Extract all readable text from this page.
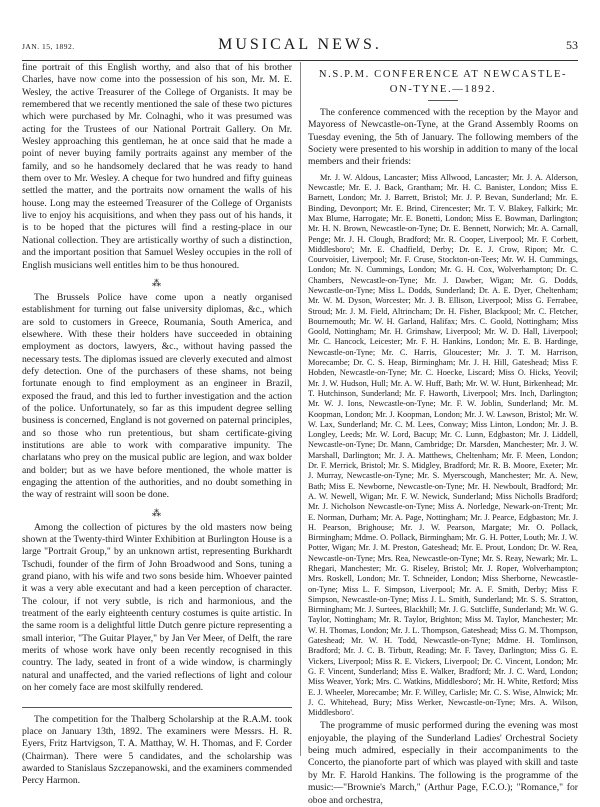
JAN. 15, 1892.	MUSICAL NEWS.	53

fine portrait of this English worthy, and also that of his brother Charles, have now come into the possession of his son, Mr. M. E. Wesley, the active Treasurer of the College of Organists. It may be remembered that we recently mentioned the sale of these two pictures which were purchased by Mr. Colnaghi, who it was presumed was acting for the Trustees of our National Portrait Gallery. On Mr. Wesley approaching this gentleman, he at once said that he made a point of never buying family portraits against any member of the family, and so he handsomely declared that he was ready to hand them over to Mr. Wesley. A cheque for two hundred and fifty guineas settled the matter, and the portraits now ornament the walls of his house. Long may the esteemed Treasurer of the College of Organists live to enjoy his acquisitions, and when they pass out of his hands, it is to be hoped that the pictures will find a resting-place in our National collection. They are artistically worthy of such a distinction, and the important position that Samuel Wesley occupies in the roll of English musicians well entitles him to be thus honoured.

⁂

The Brussels Police have come upon a neatly organised establishment for turning out false university diplomas, &c., which are sold to customers in Greece, Roumania, South America, and elsewhere. With these their holders have succeeded in obtaining employment as doctors, lawyers, &c., without having passed the necessary tests. The diplomas issued are cleverly executed and almost defy detection. One of the purchasers of these shams, not being fortunate enough to find employment as an engineer in Brazil, exposed the fraud, and this led to further investigation and the action of the police. Unfortunately, so far as this impudent degree selling business is concerned, England is not governed on paternal principles, and so those who run pretentious, but sham certificate-giving institutions are able to work with comparative impunity. The charlatans who prey on the musical public are legion, and wax bolder and bolder; but as we have before mentioned, the whole matter is engaging the attention of the authorities, and no doubt something in the way of restraint will soon be done.

⁂

Among the collection of pictures by the old masters now being shown at the Twenty-third Winter Exhibition at Burlington House is a large "Portrait Group," by an unknown artist, representing Burkhardt Tschudi, founder of the firm of John Broadwood and Sons, tuning a grand piano, with his wife and two sons beside him. Whoever painted it was a very able executant and had a keen perception of character. The colour, if not very subtle, is rich and harmonious, and the treatment of the early eighteenth century costumes is quite artistic. In the same room is a delightful little Dutch genre picture representing a small interior, "The Guitar Player," by Jan Ver Meer, of Delft, the rare merits of whose work have only been recently recognised in this country. The lady, seated in front of a wide window, is charmingly natural and unaffected, and the varied reflections of light and colour on her comely face are most skilfully rendered.

The competition for the Thalberg Scholarship at the R.A.M. took place on January 13th, 1892. The examiners were Messrs. H. R. Eyers, Fritz Hartvigson, T. A. Matthay, W. H. Thomas, and F. Corder (Chairman). There were 5 candidates, and the scholarship was awarded to Stanislaus Szczepanowski, and the examiners commended Percy Harmon.

N.S.P.M. CONFERENCE AT NEWCASTLE-
ON-TYNE.—1892.

The conference commenced with the reception by the Mayor and Mayoress of Newcastle-on-Tyne, at the Grand Assembly Rooms on Tuesday evening, the 5th of January. The following members of the Society were presented to his worship in addition to many of the local members and their friends:

Mr. J. W. Aldous, Lancaster; Miss Allwood, Lancaster; Mr. J. A. Alderson, Newcastle; Mr. E. J. Back, Grantham; Mr. H. C. Banister, London; Miss E. Barnett, London; Mr. J. Barrett, Bristol; Mr. J. P. Bevan, Sunderland; Mr. E. Binding, Devonport; Mr. E. Brind, Cirencester; Mr. T. V. Blakey, Falkirk; Mr. Max Blume, Harrogate; Mr. E. Bonetti, London; Miss E. Bowman, Darlington; Mr. H. N. Brown, Newcastle-on-Tyne; Dr. E. Bennett, Norwich; Mr. A. Carnall, Penge; Mr. J. H. Clough, Bradford; Mr. R. Cooper, Liverpool; Mr. F. Corbett, Middlesboro'; Mr. E. Chadfield, Derby; Dr. E. J. Crow, Ripon; Mr. C. Courvoisier, Liverpool; Mr. F. Cruse, Stockton-on-Tees; Mr. W. H. Cummings, London; Mr. N. Cummings, London; Mr. G. H. Cox, Wolverhampton; Dr. C. Chambers, Newcastle-on-Tyne; Mr. J. Dawber, Wigan; Mr. G. Dodds, Newcastle-on-Tyne; Miss L. Dodds, Sunderland; Dr. A. E. Dyer, Cheltenham; Mr. W. M. Dyson, Worcester; Mr. J. B. Ellison, Liverpool; Miss G. Ferrabee, Stroud; Mr. J. M. Field, Altrincham; Dr. H. Fisher, Blackpool; Mr. C. Fletcher, Bournemouth; Mr. W. H. Garland, Halifax; Mrs. C. Goold, Nottingham; Miss Goold, Nottingham; Mr. H. Grimshaw, Liverpool; Mr. W. D. Hall, Liverpool; Mr. C. Hancock, Leicester; Mr. F. H. Hankins, London; Mr. E. B. Hardinge, Newcastle-on-Tyne; Mr. C. Harris, Gloucester; Mr. J. T. M. Harrison, Morecambe; Dr. C. S. Heap, Birmingham; Mr. J. H. Hill, Gateshead; Miss F. Hobden, Newcastle-on-Tyne; Mr. C. Hoecke, Liscard; Miss O. Hicks, Yeovil; Mr. J. W. Hudson, Hull; Mr. A. W. Huff, Bath; Mr. W. W. Hunt, Birkenhead; Mr. T. Hutchinson, Sunderland; Mr. F. Haworth, Liverpool; Mrs. Inch, Darlington; Mr. W. J. Ions, Newcastle-on-Tyne; Mr. F. W. Joblin, Sunderland; Mr. M. Koopman, London; Mr. J. Koopman, London; Mr. J. W. Lawson, Bristol; Mr. W. W. Lax, Sunderland; Mr. C. M. Lees, Conway; Miss Linton, London; Mr. J. B. Longley, Leeds; Mr. W. Lord, Bacup; Mr. C. Lunn, Edgbaston; Mr. J. Liddell, Newcastle-on-Tyne; Dr. Mann, Cambridge; Dr. Marsden, Manchester; Mr. J. W. Marshall, Darlington; Mr. J. A. Matthews, Cheltenham; Mr. F. Meen, London; Dr. F. Merrick, Bristol; Mr. S. Midgley, Bradford; Mr. R. B. Moore, Exeter; Mr. J. Murray, Newcastle-on-Tyne; Mr. S. Myerscough, Manchester; Mr. A. New, Bath; Miss E. Newborne, Newcastle-on-Tyne; Mr. H. Newboult, Bradford; Mr. A. W. Newell, Wigan; Mr. F. W. Newick, Sunderland; Miss Nicholls Bradford; Mr. J. Nicholson Newcastle-on-Tyne; Miss A. Norledge, Newark-on-Trent; Mr. E. Norman, Durham; Mr. A. Page, Nottingham; Mr. J. Pearce, Edgbaston; Mr. J. H. Pearson, Brighouse; Mr. J. W. Pearson, Margate; Mr. O. Pollack, Birmingham; Mdme. O. Pollack, Birmingham; Mr. G. H. Potter, Louth; Mr. J. W. Potter, Wigan; Mr. J. M. Preston, Gateshead; Mr. E. Prout, London; Dr. W. Rea, Newcastle-on-Tyne; Mrs. Rea, Newcastle-on-Tyne; Mr. S. Reay, Newark; Mr. L. Rhegari, Manchester; Mr. G. Riseley, Bristol; Mr. J. Roper, Wolverhampton; Mrs. Roskell, London; Mr. T. Schneider, London; Miss Sherborne, Newcastle-on-Tyne; Miss L. F. Simpson, Liverpool; Mr. A. F. Smith, Derby; Miss F. Simpson, Newcastle-on-Tyne; Miss J. L. Smith, Sunderland; Mr. S. S. Stratton, Birmingham; Mr. J. Surtees, Blackhill; Mr. J. G. Sutcliffe, Sunderland; Mr. W. G. Taylor, Nottingham; Mr. R. Taylor, Brighton; Miss M. Taylor, Manchester; Mr. W. H. Thomas, London; Mr. J. L. Thompson, Gateshead; Miss G. M. Thompson, Gateshead; Mr. W. H. Todd, Newcastle-on-Tyne; Mdme. H. Tomlinson, Bradford; Mr. J. C. B. Tirbutt, Reading; Mr. F. Tavey, Darlington; Miss G. E. Vickers, Liverpool; Miss R. E. Vickers, Liverpool; Dr. C. Vincent, London; Mr. G. F. Vincent, Sunderland; Miss E. Walker, Bradford; Mr. J. C. Ward, London; Miss Weaver, York; Mrs. C. Watkins, Middlesboro'; Mr. H. White, Retford; Miss E. J. Wheeler, Morecambe; Mr. F. Willey, Carlisle; Mr. C. S. Wise, Alnwick; Mr. J. C. Whitehead, Bury; Miss Werker, Newcastle-on-Tyne; Mrs. A. Wilson, Middlesboro'.

The programme of music performed during the evening was most enjoyable, the playing of the Sunderland Ladies' Orchestral Society being much admired, especially in their accompaniments to the Concerto, the pianoforte part of which was played with skill and taste by Mr. F. Harold Hankins. The following is the programme of the music:—"Brownie's March," (Arthur Page, F.C.O.); "Romance," for oboe and orchestra,
